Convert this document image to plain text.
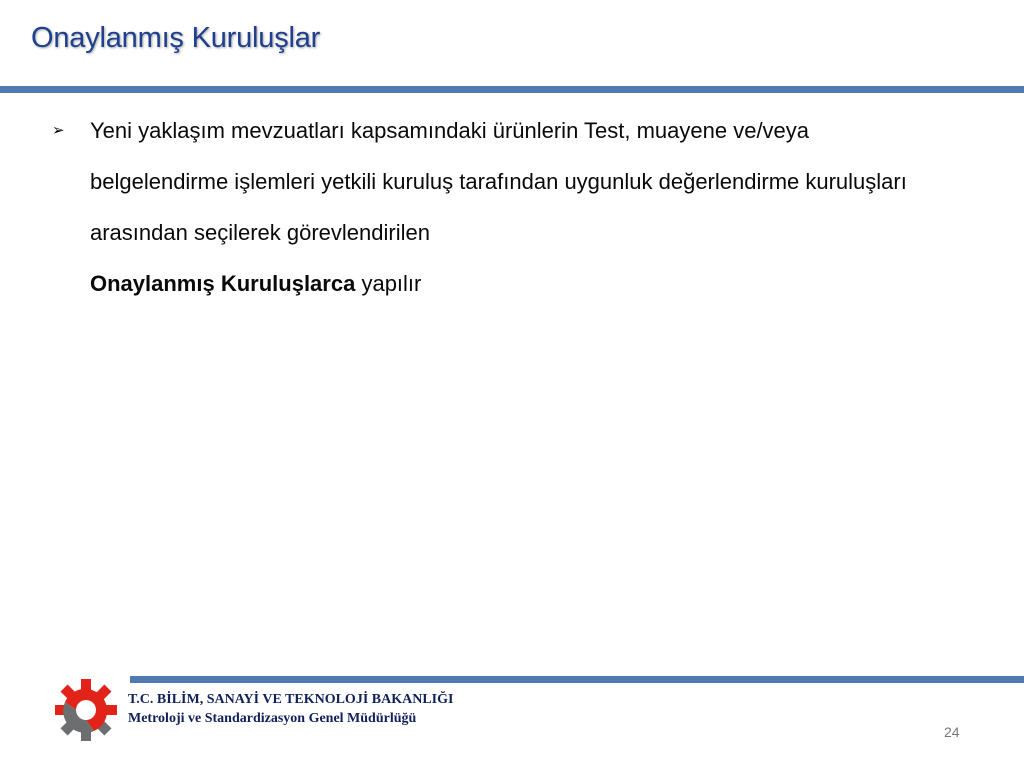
Onaylanmış Kuruluşlar
➢	Yeni yaklaşım mevzuatları kapsamındaki ürünlerin Test, muayene ve/veya belgelendirme işlemleri yetkili kuruluş tarafından uygunluk değerlendirme kuruluşları arasından seçilerek görevlendirilen
Onaylanmış Kuruluşlarca yapılır
T.C. BİLİM, SANAYİ VE TEKNOLOJİ BAKANLIĞI
Metroloji ve Standardizasyon Genel Müdürlüğü
24
